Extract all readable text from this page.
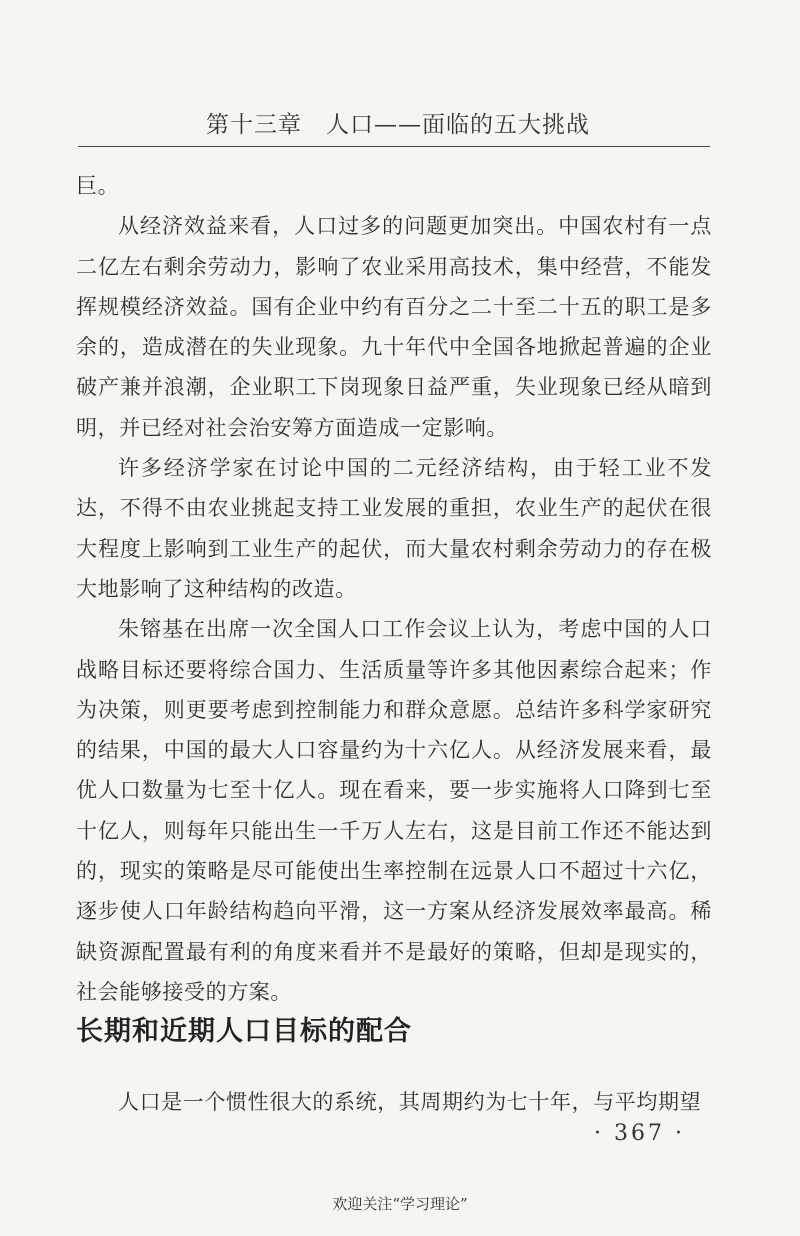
第十三章　人口——面临的五大挑战

巨。

从经济效益来看，人口过多的问题更加突出。中国农村有一点二亿左右剩余劳动力，影响了农业采用高技术，集中经营，不能发挥规模经济效益。国有企业中约有百分之二十至二十五的职工是多余的，造成潜在的失业现象。九十年代中全国各地掀起普遍的企业破产兼并浪潮，企业职工下岗现象日益严重，失业现象已经从暗到明，并已经对社会治安筹方面造成一定影响。

许多经济学家在讨论中国的二元经济结构，由于轻工业不发达，不得不由农业挑起支持工业发展的重担，农业生产的起伏在很大程度上影响到工业生产的起伏，而大量农村剩余劳动力的存在极大地影响了这种结构的改造。

朱镕基在出席一次全国人口工作会议上认为，考虑中国的人口战略目标还要将综合国力、生活质量等许多其他因素综合起来；作为决策，则更要考虑到控制能力和群众意愿。总结许多科学家研究的结果，中国的最大人口容量约为十六亿人。从经济发展来看，最优人口数量为七至十亿人。现在看来，要一步实施将人口降到七至十亿人，则每年只能出生一千万人左右，这是目前工作还不能达到的，现实的策略是尽可能使出生率控制在远景人口不超过十六亿，逐步使人口年龄结构趋向平滑，这一方案从经济发展效率最高。稀缺资源配置最有利的角度来看并不是最好的策略，但却是现实的，社会能够接受的方案。

长期和近期人口目标的配合

人口是一个惯性很大的系统，其周期约为七十年，与平均期望

· 367 ·
欢迎关注“学习理论”
